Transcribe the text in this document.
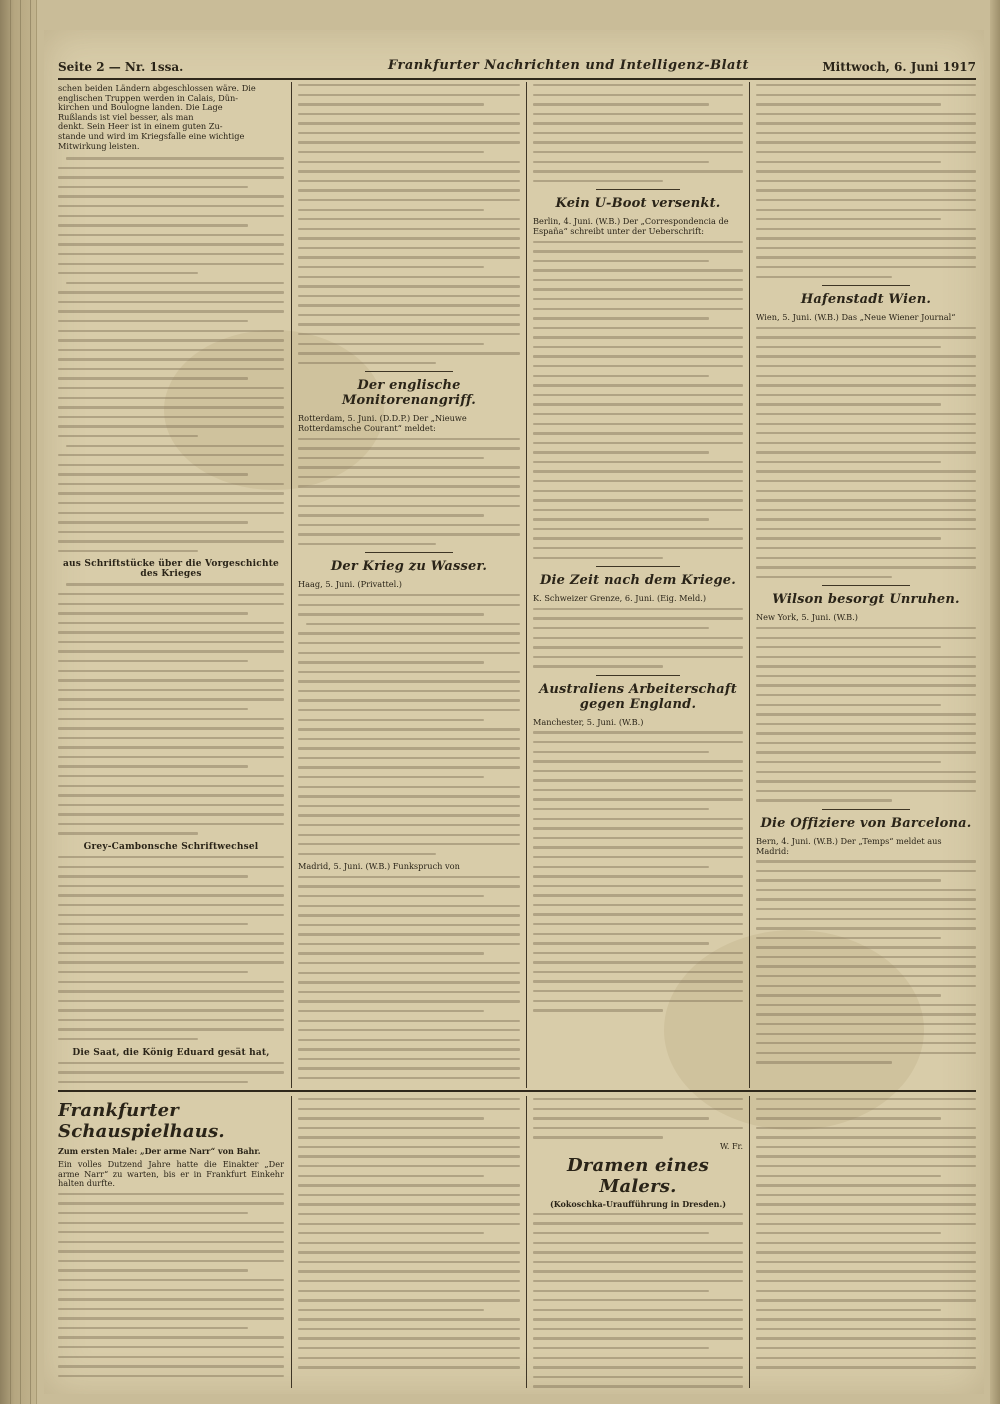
Seite 2 — Nr. 1ssa.	Frankfurter Nachrichten und Intelligenz-Blatt	Mittwoch, 6. Juni 1917
schen beiden Ländern abgeschlossen wäre. Die
englischen Truppen werden in Calais, Dün-
kirchen und Boulogne landen. Die Lage
Rußlands ist viel besser, als man
denkt. Sein Heer ist in einem guten Zu-
stande und wird im Kriegsfalle eine wichtige
Mitwirkung leisten.
aus Schriftstücke über die Vorgeschichte des Krieges
Grey-Cambonsche Schriftwechsel
Die Saat, die König Eduard gesät hat,
Der englische Monitorenangriff.

Rotterdam, 5. Juni. (D.D.P.) Der „Nieuwe Rotterdamsche Courant“ meldet:

Der Krieg zu Wasser.

Haag, 5. Juni. (Privattel.)

Madrid, 5. Juni. (W.B.) Funkspruch von

Kein U-Boot versenkt.

Berlin, 4. Juni. (W.B.) Der „Correspondencia de España“ schreibt unter der Ueberschrift:

Die Zeit nach dem Kriege.

K. Schweizer Grenze, 6. Juni. (Eig. Meld.)

Australiens Arbeiterschaft gegen England.

Manchester, 5. Juni. (W.B.)

Hafenstadt Wien.

Wien, 5. Juni. (W.B.) Das „Neue Wiener Journal“

Wilson besorgt Unruhen.

New York, 5. Juni. (W.B.)

Die Offiziere von Barcelona.

Bern, 4. Juni. (W.B.) Der „Temps“ meldet aus Madrid:

Frankfurter Schauspielhaus.
Zum ersten Male: „Der arme Narr“ von Bahr.

Ein volles Dutzend Jahre hatte die Einakter „Der arme Narr“ zu warten, bis er in Frankfurt Einkehr halten durfte.

W. Fr.
Dramen eines Malers.
(Kokoschka-Uraufführung in Dresden.)
